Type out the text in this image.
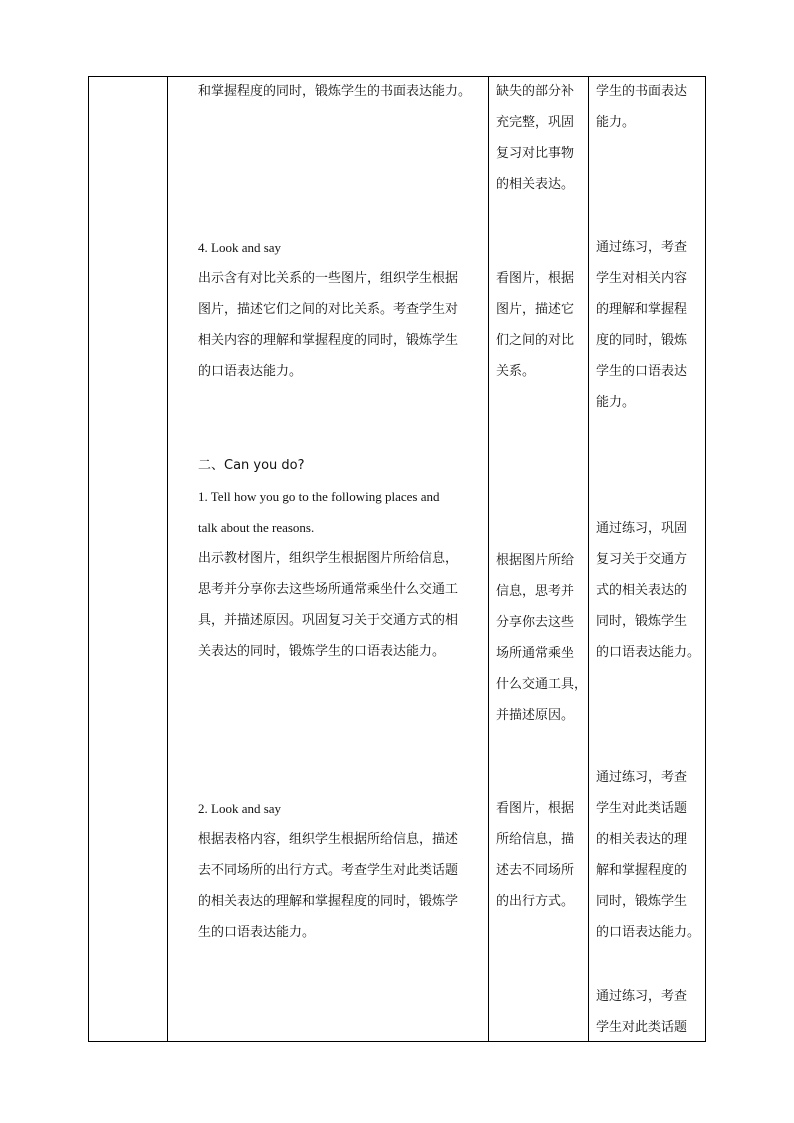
和掌握程度的同时，锻炼学生的书面表达能力。	缺失的部分补
充完整，巩固
复习对比事物
的相关表达。
学生的书面表达
能力。
4. Look and say
出示含有对比关系的一些图片，组织学生根据
图片，描述它们之间的对比关系。考查学生对
相关内容的理解和掌握程度的同时，锻炼学生
的口语表达能力。
看图片，根据
图片，描述它
们之间的对比
关系。
通过练习，考查
学生对相关内容
的理解和掌握程
度的同时，锻炼
学生的口语表达
能力。
二、Can you do?
1. Tell how you go to the following places and
talk about the reasons.
出示教材图片，组织学生根据图片所给信息，
思考并分享你去这些场所通常乘坐什么交通工
具，并描述原因。巩固复习关于交通方式的相
关表达的同时，锻炼学生的口语表达能力。
根据图片所给
信息，思考并
分享你去这些
场所通常乘坐
什么交通工具，
并描述原因。
通过练习，巩固
复习关于交通方
式的相关表达的
同时，锻炼学生
的口语表达能力。
2. Look and say
根据表格内容，组织学生根据所给信息，描述
去不同场所的出行方式。考查学生对此类话题
的相关表达的理解和掌握程度的同时，锻炼学
生的口语表达能力。
看图片，根据
所给信息，描
述去不同场所
的出行方式。
通过练习，考查
学生对此类话题
的相关表达的理
解和掌握程度的
同时，锻炼学生
的口语表达能力。
通过练习，考查
学生对此类话题
